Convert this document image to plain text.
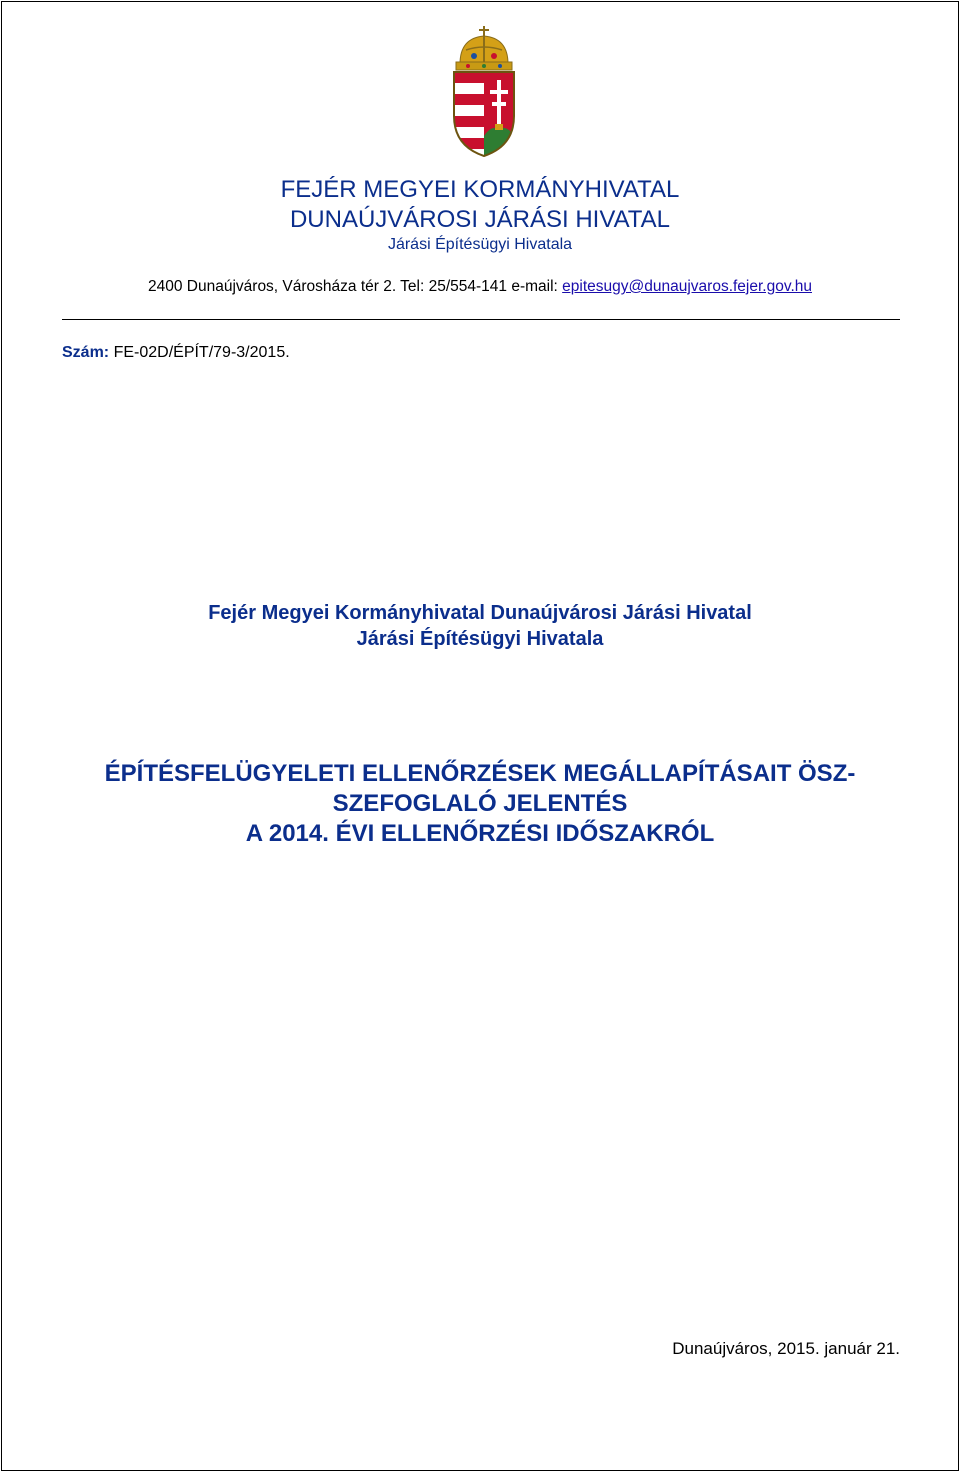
FEJÉR MEGYEI KORMÁNYHIVATAL
DUNAÚJVÁROSI JÁRÁSI HIVATAL
Járási Építésügyi Hivatala
2400 Dunaújváros, Városháza tér 2. Tel: 25/554-141 e-mail: epitesugy@dunaujvaros.fejer.gov.hu
Szám: FE-02D/ÉPÍT/79-3/2015.
Fejér Megyei Kormányhivatal Dunaújvárosi Járási Hivatal
Járási Építésügyi Hivatala
ÉPÍTÉSFELÜGYELETI ELLENŐRZÉSEK MEGÁLLAPÍTÁSAIT ÖSZ-
SZEFOGLALÓ JELENTÉS
A 2014. ÉVI ELLENŐRZÉSI IDŐSZAKRÓL
Dunaújváros, 2015. január 21.
